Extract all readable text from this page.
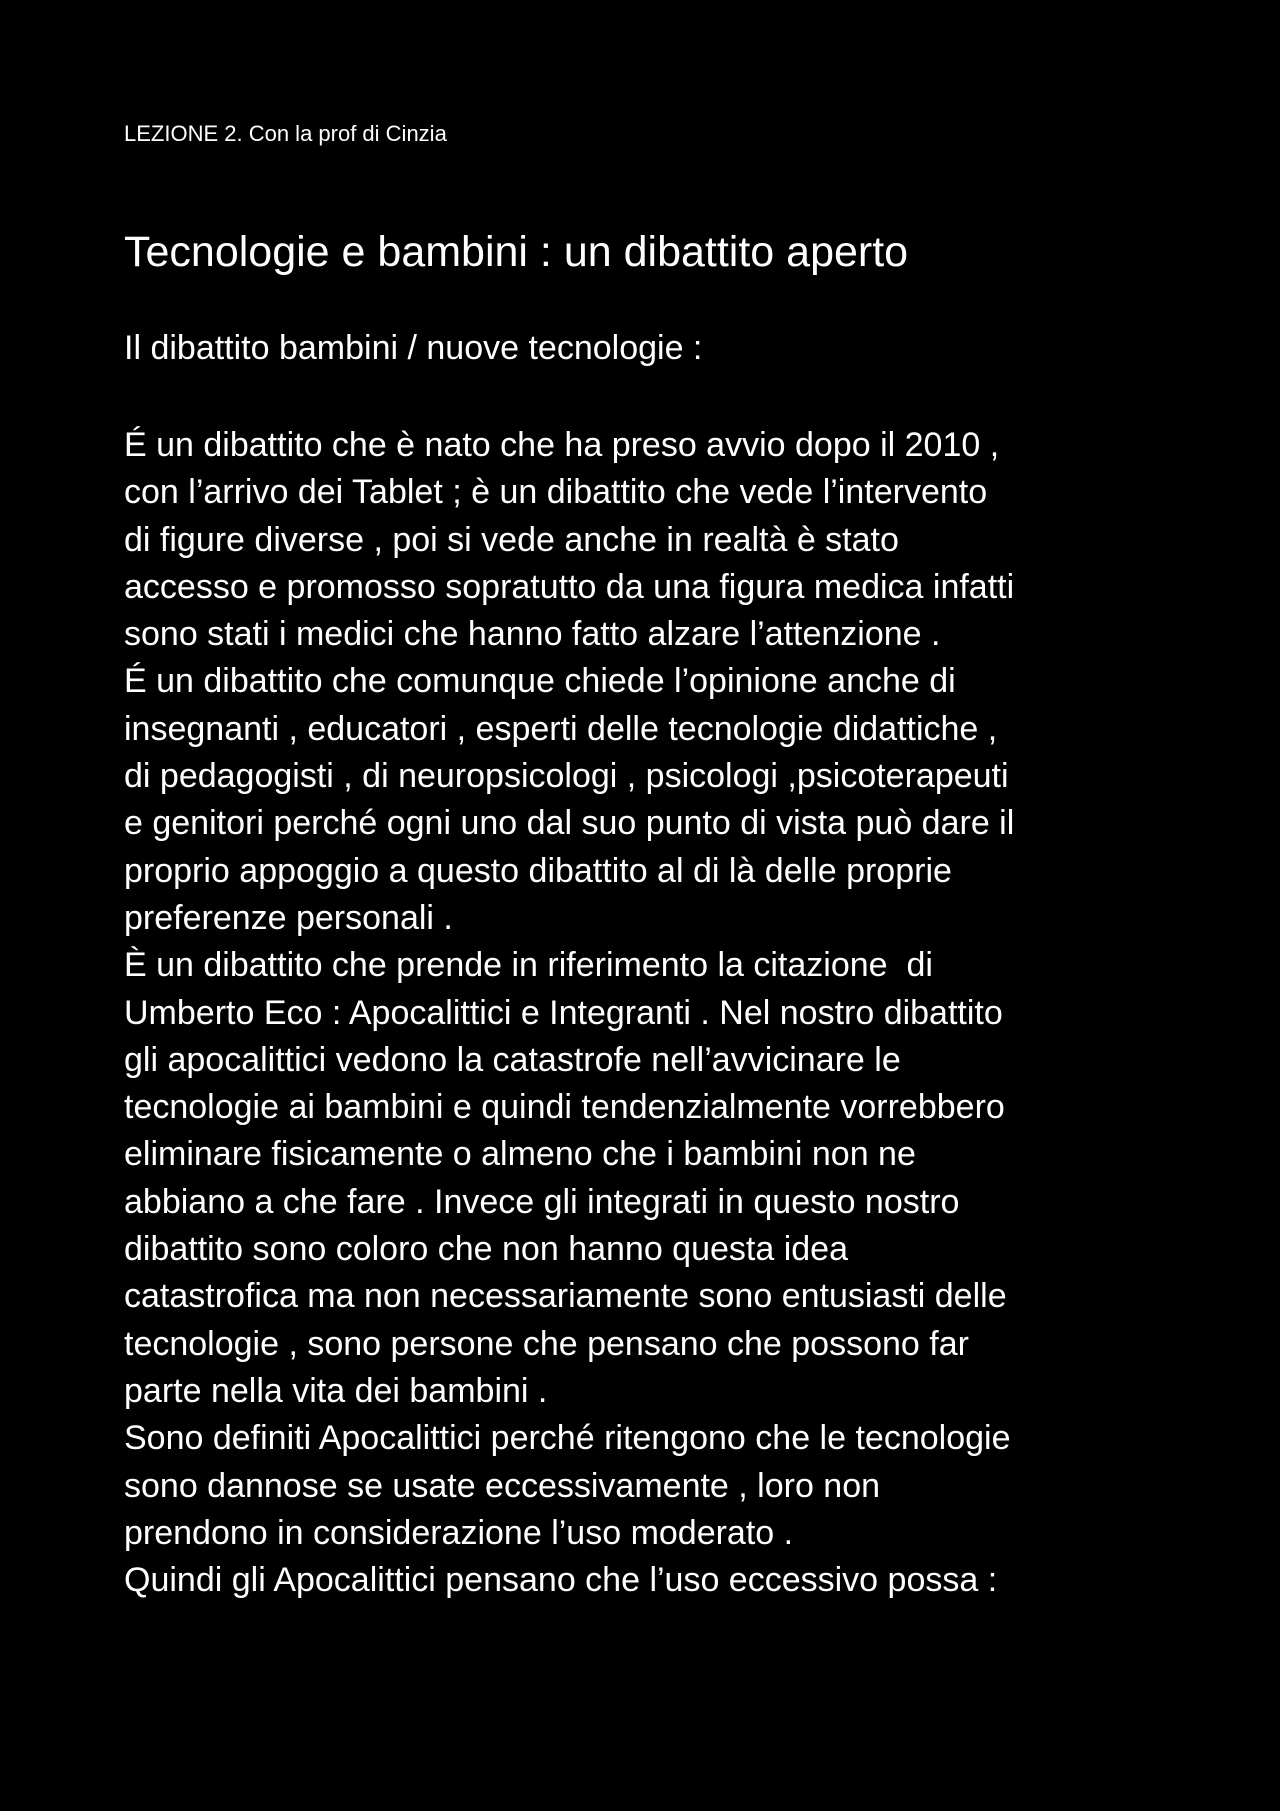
LEZIONE 2. Con la prof di Cinzia
Tecnologie e bambini : un dibattito aperto
Il dibattito bambini / nuove tecnologie :
É un dibattito che è nato che ha preso avvio dopo il 2010 ,
con l’arrivo dei Tablet ; è un dibattito che vede l’intervento
di figure diverse , poi si vede anche in realtà è stato
accesso e promosso sopratutto da una figura medica infatti
sono stati i medici che hanno fatto alzare l’attenzione .
É un dibattito che comunque chiede l’opinione anche di
insegnanti , educatori , esperti delle tecnologie didattiche ,
di pedagogisti , di neuropsicologi , psicologi ,psicoterapeuti
e genitori perché ogni uno dal suo punto di vista può dare il
proprio appoggio a questo dibattito al di là delle proprie
preferenze personali .
È un dibattito che prende in riferimento la citazione  di
Umberto Eco : Apocalittici e Integranti . Nel nostro dibattito
gli apocalittici vedono la catastrofe nell’avvicinare le
tecnologie ai bambini e quindi tendenzialmente vorrebbero
eliminare fisicamente o almeno che i bambini non ne
abbiano a che fare . Invece gli integrati in questo nostro
dibattito sono coloro che non hanno questa idea
catastrofica ma non necessariamente sono entusiasti delle
tecnologie , sono persone che pensano che possono far
parte nella vita dei bambini .
Sono definiti Apocalittici perché ritengono che le tecnologie
sono dannose se usate eccessivamente , loro non
prendono in considerazione l’uso moderato .
Quindi gli Apocalittici pensano che l’uso eccessivo possa :
